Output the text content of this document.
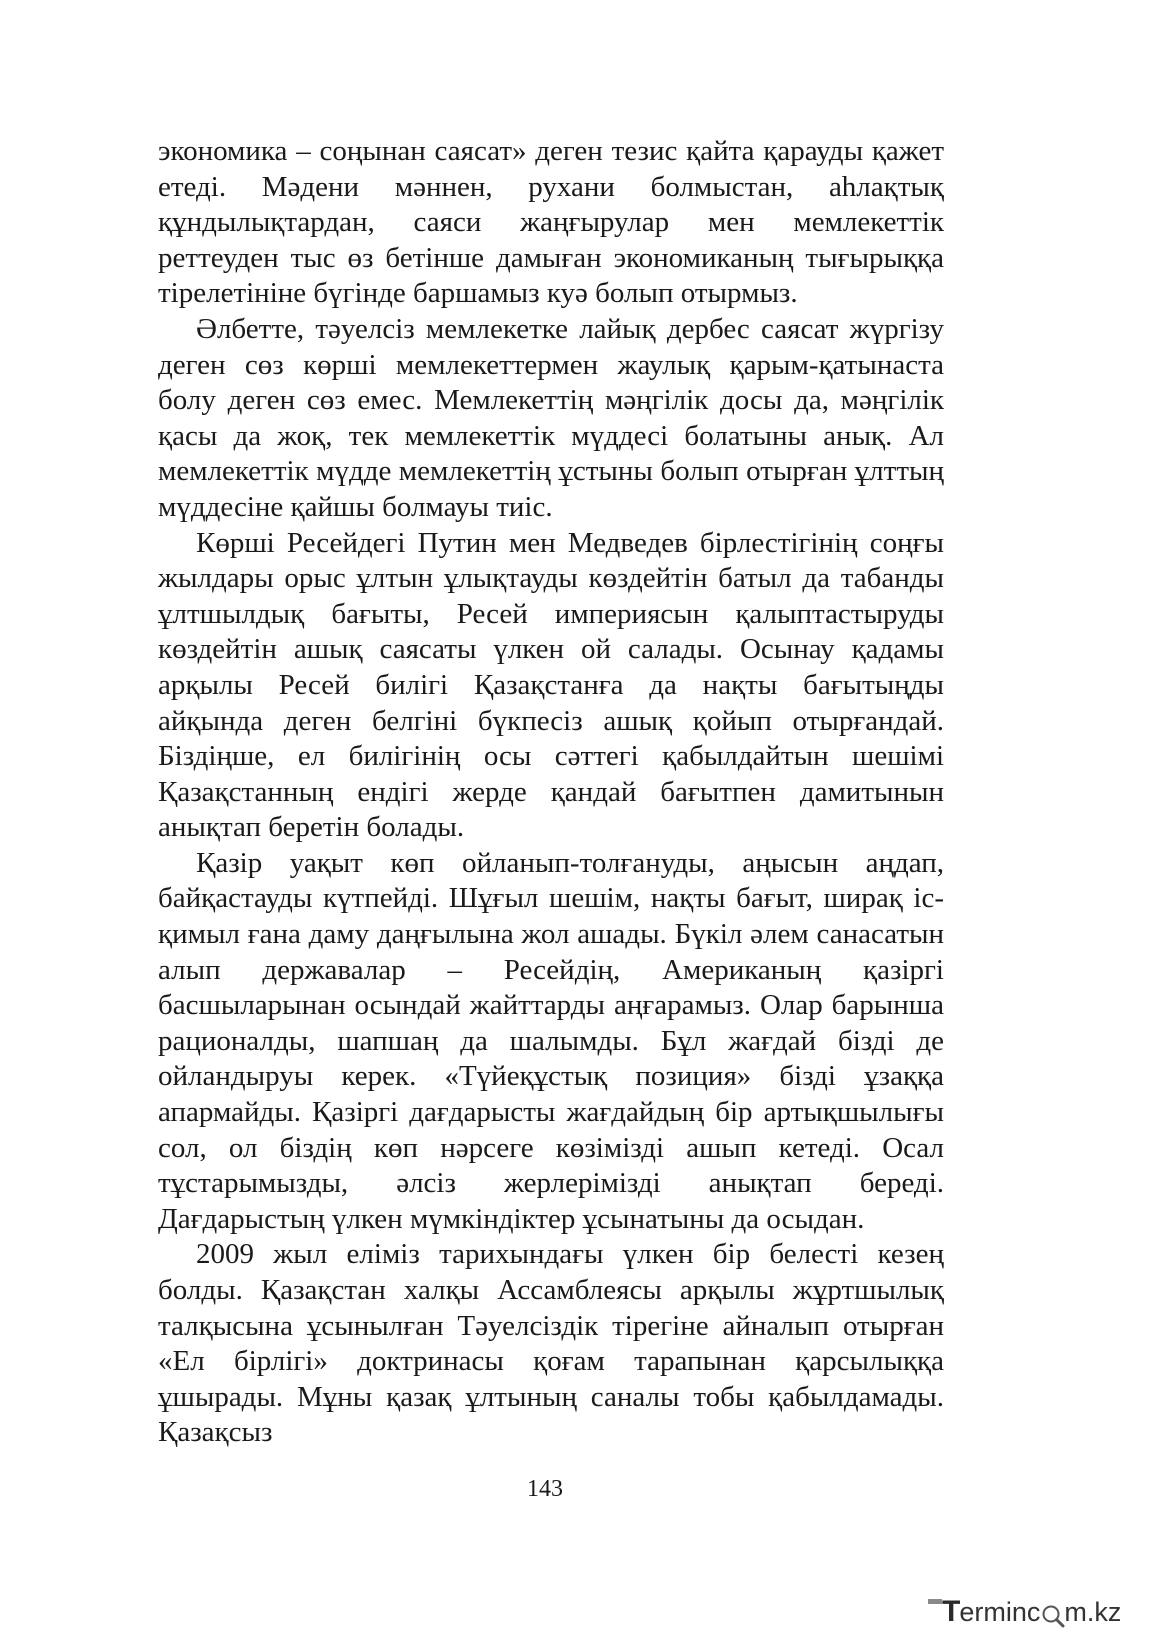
экономика – соңынан саясат» деген тезис қайта қарауды қажет етеді. Мәдени мәннен, рухани болмыстан, аһлақтық құндылықтардан, саяси жаңғырулар мен мемлекеттік реттеуден тыс өз бетінше дамыған экономиканың тығырыққа тірелетініне бүгінде баршамыз куә болып отырмыз.

Әлбетте, тәуелсіз мемлекетке лайық дербес саясат жүргізу деген сөз көрші мемлекеттермен жаулық қарым-қатынаста болу деген сөз емес. Мемлекеттің мәңгілік досы да, мәңгілік қасы да жоқ, тек мемлекеттік мүддесі болатыны анық. Ал мемлекеттік мүдде мемлекеттің ұстыны болып отырған ұлттың мүддесіне қайшы болмауы тиіс.

Көрші Ресейдегі Путин мен Медведев бірлестігінің соңғы жылдары орыс ұлтын ұлықтауды көздейтін батыл да табанды ұлтшылдық бағыты, Ресей империясын қалыптастыруды көздейтін ашық саясаты үлкен ой салады. Осынау қадамы арқылы Ресей билігі Қазақстанға да нақты бағытыңды айқында деген белгіні бүкпесіз ашық қойып отырғандай. Біздіңше, ел билігінің осы сәттегі қабылдайтын шешімі Қазақстанның ендігі жерде қандай бағытпен дамитынын анықтап беретін болады.

Қазір уақыт көп ойланып-толғануды, аңысын аңдап, байқастауды күтпейді. Шұғыл шешім, нақты бағыт, ширақ іс-қимыл ғана даму даңғылына жол ашады. Бүкіл әлем санасатын алып державалар – Ресейдің, Американың қазіргі басшыларынан осындай жайттарды аңғарамыз. Олар барынша рационалды, шапшаң да шалымды. Бұл жағдай бізді де ойландыруы керек. «Түйеқұстық позиция» бізді ұзаққа апармайды. Қазіргі дағдарысты жағдайдың бір артықшылығы сол, ол біздің көп нәрсеге көзімізді ашып кетеді. Осал тұстарымызды, әлсіз жерлерімізді анықтап береді. Дағдарыстың үлкен мүмкіндіктер ұсынатыны да осыдан.

2009 жыл еліміз тарихындағы үлкен бір белесті кезең болды. Қазақстан халқы Ассамблеясы арқылы жұртшылық талқысына ұсынылған Тәуелсіздік тірегіне айналып отырған «Ел бірлігі» доктринасы қоғам тарапынан қарсылыққа ұшырады. Мұны қазақ ұлтының саналы тобы қабылдамады. Қазақсыз

143
T erminc m.kz
